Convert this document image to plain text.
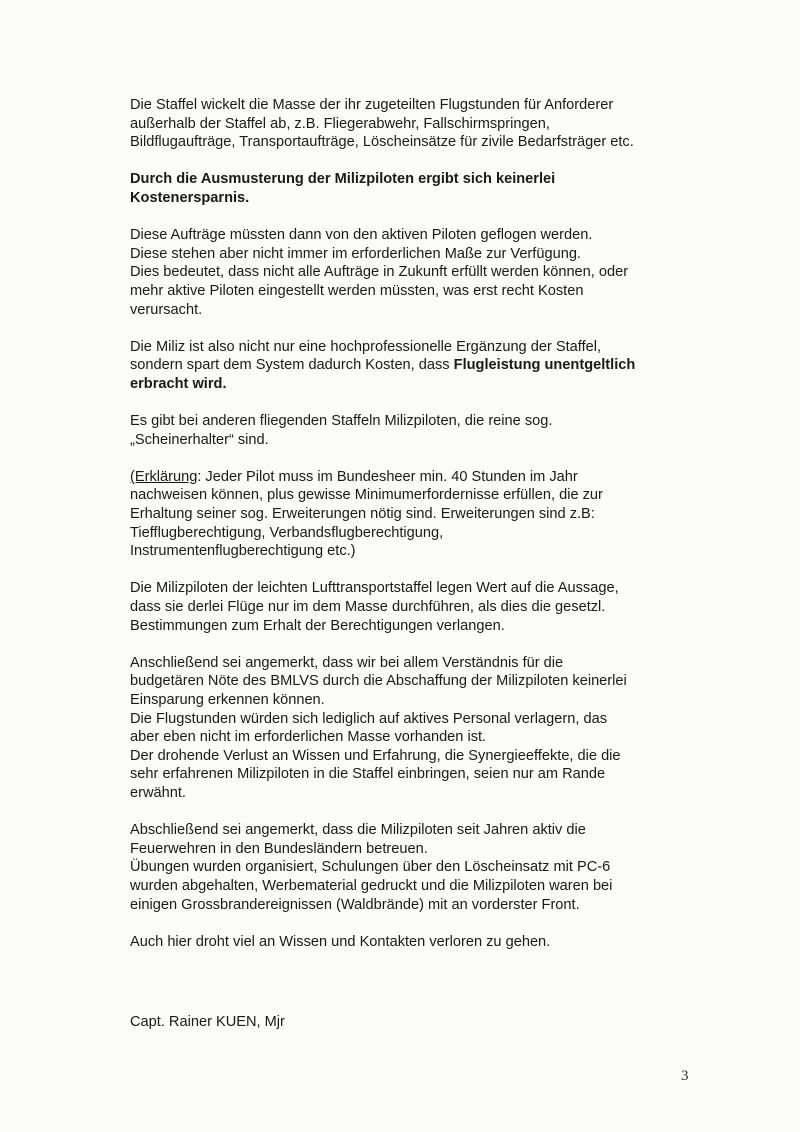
Die Staffel wickelt die Masse der ihr zugeteilten Flugstunden für Anforderer
außerhalb der Staffel ab, z.B. Fliegerabwehr, Fallschirmspringen,
Bildflugaufträge, Transportaufträge, Löscheinsätze für zivile Bedarfsträger etc.

Durch die Ausmusterung der Milizpiloten ergibt sich keinerlei
Kostenersparnis.

Diese Aufträge müssten dann von den aktiven Piloten geflogen werden.
Diese stehen aber nicht immer im erforderlichen Maße zur Verfügung.
Dies bedeutet, dass nicht alle Aufträge in Zukunft erfüllt werden können, oder
mehr aktive Piloten eingestellt werden müssten, was erst recht Kosten
verursacht.

Die Miliz ist also nicht nur eine hochprofessionelle Ergänzung der Staffel,
sondern spart dem System dadurch Kosten, dass Flugleistung unentgeltlich
erbracht wird.

Es gibt bei anderen fliegenden Staffeln Milizpiloten, die reine sog.
„Scheinerhalter“ sind.

(Erklärung: Jeder Pilot muss im Bundesheer min. 40 Stunden im Jahr
nachweisen können, plus gewisse Minimumerfordernisse erfüllen, die zur
Erhaltung seiner sog. Erweiterungen nötig sind. Erweiterungen sind z.B:
Tiefflugberechtigung, Verbandsflugberechtigung,
Instrumentenflugberechtigung etc.)

Die Milizpiloten der leichten Lufttransportstaffel legen Wert auf die Aussage,
dass sie derlei Flüge nur im dem Masse durchführen, als dies die gesetzl.
Bestimmungen zum Erhalt der Berechtigungen verlangen.

Anschließend sei angemerkt, dass wir bei allem Verständnis für die
budgetären Nöte des BMLVS durch die Abschaffung der Milizpiloten keinerlei
Einsparung erkennen können.
Die Flugstunden würden sich lediglich auf aktives Personal verlagern, das
aber eben nicht im erforderlichen Masse vorhanden ist.
Der drohende Verlust an Wissen und Erfahrung, die Synergieeffekte, die die
sehr erfahrenen Milizpiloten in die Staffel einbringen, seien nur am Rande
erwähnt.

Abschließend sei angemerkt, dass die Milizpiloten seit Jahren aktiv die
Feuerwehren in den Bundesländern betreuen.
Übungen wurden organisiert, Schulungen über den Löscheinsatz mit PC-6
wurden abgehalten, Werbematerial gedruckt und die Milizpiloten waren bei
einigen Grossbrandereignissen (Waldbrände) mit an vorderster Front.

Auch hier droht viel an Wissen und Kontakten verloren zu gehen.

Capt. Rainer KUEN, Mjr
3
